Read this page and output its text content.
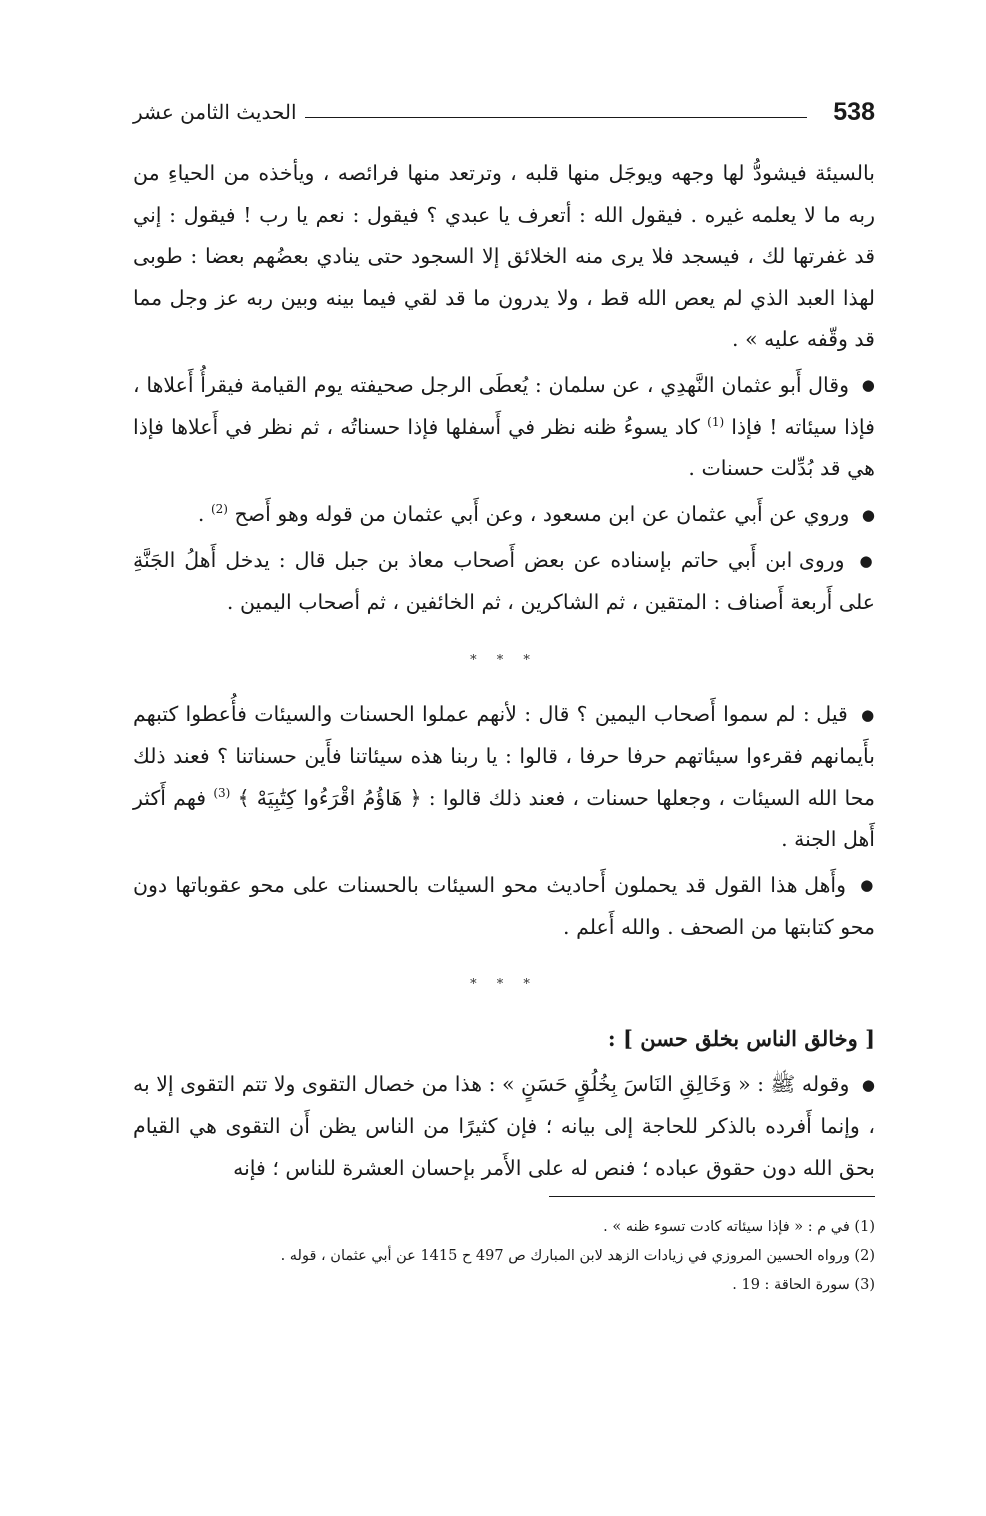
538
الحديث الثامن عشر

بالسيئة فيشودُّ لها وجهه ويوجَل منها قلبه ، وترتعد منها فرائصه ، ويأخذه من الحياءِ من ربه ما لا يعلمه غيره . فيقول الله : أتعرف يا عبدي ؟ فيقول : نعم يا رب ! فيقول : إني قد غفرتها لك ، فيسجد فلا يرى منه الخلائق إلا السجود حتى ينادي بعضُهم بعضا : طوبى لهذا العبد الذي لم يعص الله قط ، ولا يدرون ما قد لقي فيما بينه وبين ربه عز وجل مما قد وقّفه عليه » .

● وقال أَبو عثمان النَّهدِي ، عن سلمان : يُعطَى الرجل صحيفته يوم القيامة فيقرأُ أَعلاها ، فإذا سيئاته ! فإذا $^{(1)}$ كاد يسوءُ ظنه نظر في أَسفلها فإذا حسناتُه ، ثم نظر في أَعلاها فإذا هي قد بُدِّلت حسنات .

● وروي عن أَبي عثمان عن ابن مسعود ، وعن أَبي عثمان من قوله وهو أَصح $^{(2)}$ .

● وروى ابن أَبي حاتم بإسناده عن بعض أَصحاب معاذ بن جبل قال : يدخل أَهلُ الجَنَّةِ على أَربعة أَصناف : المتقين ، ثم الشاكرين ، ثم الخائفين ، ثم أصحاب اليمين .

* * *

● قيل : لم سموا أَصحاب اليمين ؟ قال : لأنهم عملوا الحسنات والسيئات فأُعطوا كتبهم بأَيمانهم فقرءوا سيئاتهم حرفا حرفا ، قالوا : يا ربنا هذه سيئاتنا فأَين حسناتنا ؟ فعند ذلك محا الله السيئات ، وجعلها حسنات ، فعند ذلك قالوا : ﴿ هَاؤُمُ اقْرَءُوا كِتَٰبِيَهْ ﴾ $^{(3)}$ فهم أَكثر أَهل الجنة .

● وأَهل هذا القول قد يحملون أَحاديث محو السيئات بالحسنات على محو عقوباتها دون محو كتابتها من الصحف . والله أَعلم .

* * *

[ وخالق الناس بخلق حسن ] :

● وقوله ﷺ : « وَخَالِقِ النَاسَ بِخُلُقٍ حَسَنٍ » : هذا من خصال التقوى ولا تتم التقوى إلا به ، وإنما أَفرده بالذكر للحاجة إلى بيانه ؛ فإن كثيرًا من الناس يظن أَن التقوى هي القيام بحق الله دون حقوق عباده ؛ فنص له على الأَمر بإحسان العشرة للناس ؛ فإنه

(1) في م : « فإذا سيئاته كادت تسوء ظنه » .

(2) ورواه الحسين المروزي في زيادات الزهد لابن المبارك ص 497 ح 1415 عن أبي عثمان ، قوله .

(3) سورة الحاقة : 19 .
